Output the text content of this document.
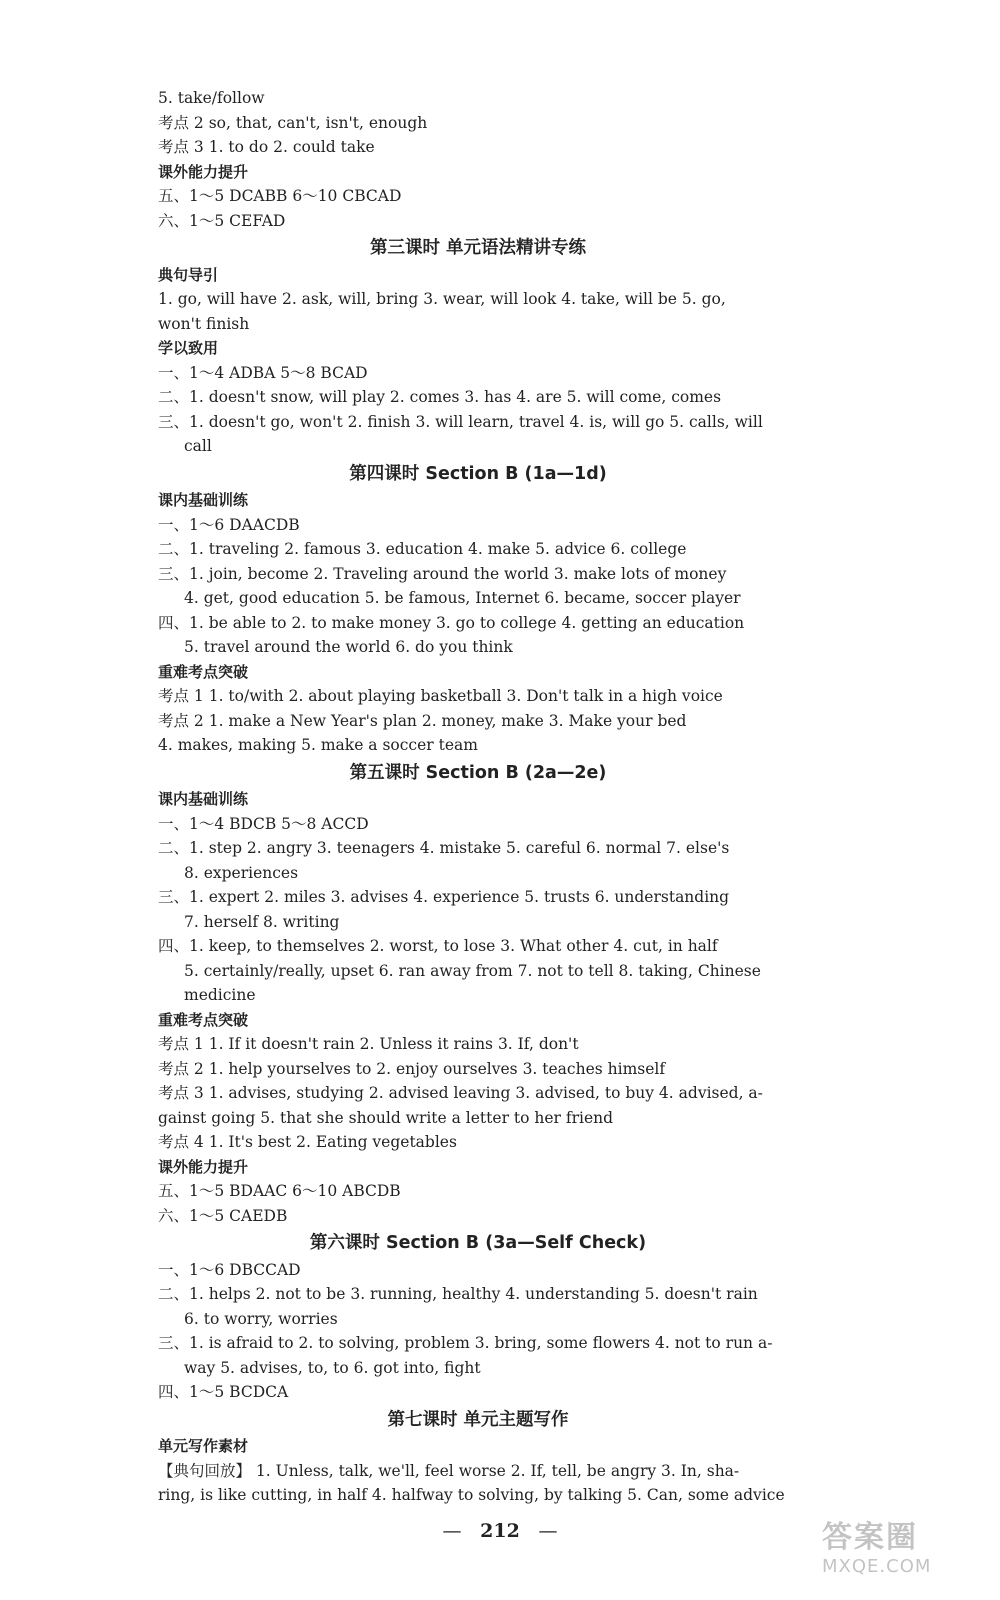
5. take/follow
考点 2 so, that, can't, isn't, enough
考点 3 1. to do 2. could take
课外能力提升
五、1～5 DCABB 6～10 CBCAD
六、1～5 CEFAD
第三课时 单元语法精讲专练
典句导引
1. go, will have 2. ask, will, bring 3. wear, will look 4. take, will be 5. go,
won't finish
学以致用
一、1～4 ADBA 5～8 BCAD
二、1. doesn't snow, will play 2. comes 3. has 4. are 5. will come, comes
三、1. doesn't go, won't 2. finish 3. will learn, travel 4. is, will go 5. calls, will
call
第四课时 Section B (1a—1d)
课内基础训练
一、1～6 DAACDB
二、1. traveling 2. famous 3. education 4. make 5. advice 6. college
三、1. join, become 2. Traveling around the world 3. make lots of money
4. get, good education 5. be famous, Internet 6. became, soccer player
四、1. be able to 2. to make money 3. go to college 4. getting an education
5. travel around the world 6. do you think
重难考点突破
考点 1 1. to/with 2. about playing basketball 3. Don't talk in a high voice
考点 2 1. make a New Year's plan 2. money, make 3. Make your bed
4. makes, making 5. make a soccer team
第五课时 Section B (2a—2e)
课内基础训练
一、1～4 BDCB 5～8 ACCD
二、1. step 2. angry 3. teenagers 4. mistake 5. careful 6. normal 7. else's
8. experiences
三、1. expert 2. miles 3. advises 4. experience 5. trusts 6. understanding
7. herself 8. writing
四、1. keep, to themselves 2. worst, to lose 3. What other 4. cut, in half
5. certainly/really, upset 6. ran away from 7. not to tell 8. taking, Chinese
medicine
重难考点突破
考点 1 1. If it doesn't rain 2. Unless it rains 3. If, don't
考点 2 1. help yourselves to 2. enjoy ourselves 3. teaches himself
考点 3 1. advises, studying 2. advised leaving 3. advised, to buy 4. advised, a-
gainst going 5. that she should write a letter to her friend
考点 4 1. It's best 2. Eating vegetables
课外能力提升
五、1～5 BDAAC 6～10 ABCDB
六、1～5 CAEDB
第六课时 Section B (3a—Self Check)
一、1～6 DBCCAD
二、1. helps 2. not to be 3. running, healthy 4. understanding 5. doesn't rain
6. to worry, worries
三、1. is afraid to 2. to solving, problem 3. bring, some flowers 4. not to run a-
way 5. advises, to, to 6. got into, fight
四、1～5 BCDCA
第七课时 单元主题写作
单元写作素材
【典句回放】 1. Unless, talk, we'll, feel worse 2. If, tell, be angry 3. In, sha-
ring, is like cutting, in half 4. halfway to solving, by talking 5. Can, some advice
— 212 —	答案圈
MXQE.COM
